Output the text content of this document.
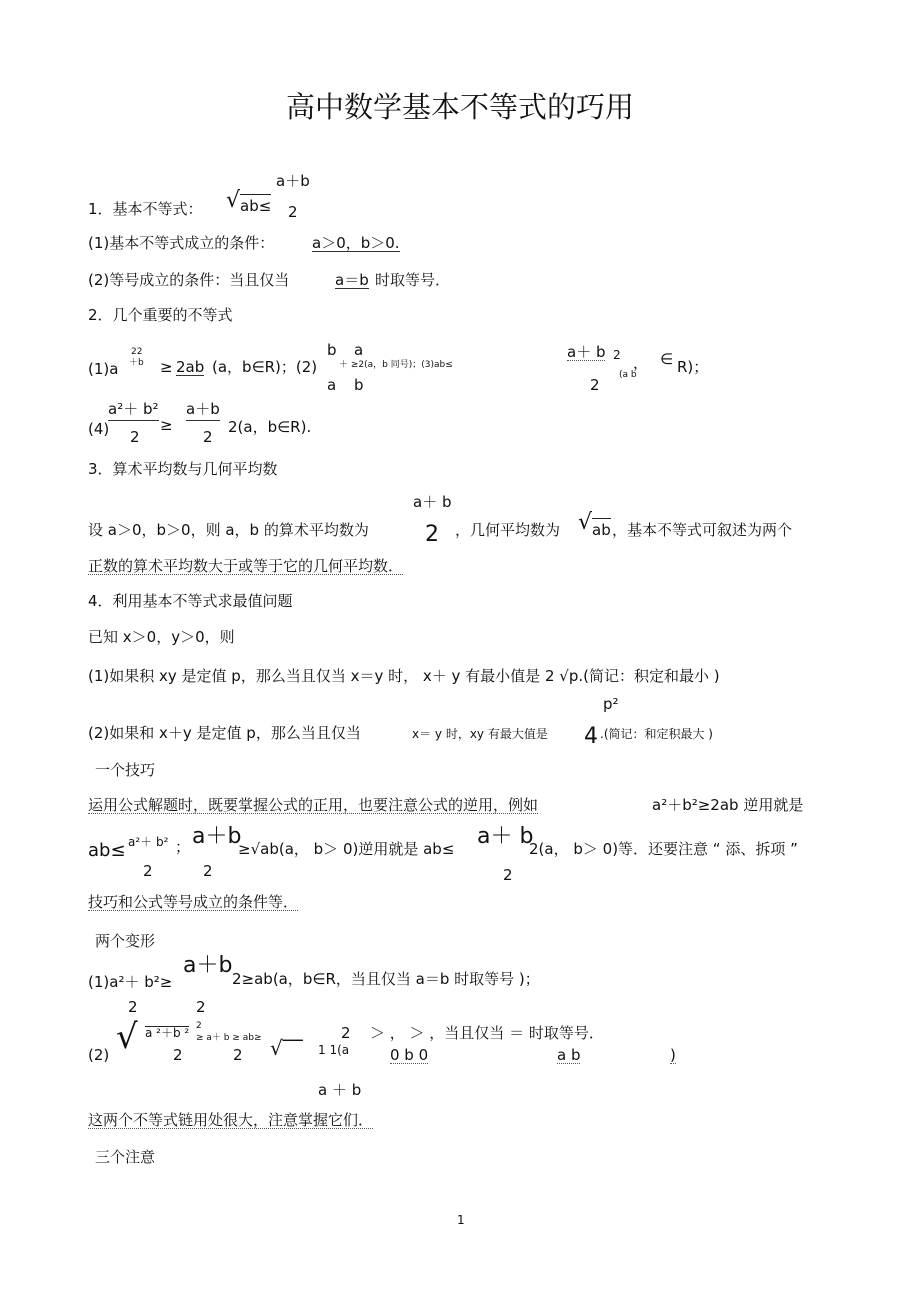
高中数学基本不等式的巧用
1．基本不等式： √ ab≤
a＋b
2
(1)基本不等式成立的条件：	a＞0，b＞0.
(2)等号成立的条件：当且仅当	a＝b 时取等号．
2．几个重要的不等式
(1)a
22
＋b ≥ 2ab (a，b∈R)；(2)
b a
a b
＋ ≥2(a，b 同号)；(3)ab≤
a＋ b
2
2
(a b
， ∈ R)；
(4)
a²＋ b²
2
≥
a＋b
2
2(a，b∈R).
3．算术平均数与几何平均数
设 a＞0，b＞0，则 a，b 的算术平均数为
a＋ b
2 ，几何平均数为 √ ab ，基本不等式可叙述为两个
正数的算术平均数大于或等于它的几何平均数．
4．利用基本不等式求最值问题
已知 x＞0，y＞0，则
(1)如果积 xy 是定值 p，那么当且仅当 x＝y 时， x＋ y 有最小值是 2 √p.(简记：积定和最小 )
(2)如果和 x＋y 是定值 p，那么当且仅当	x＝ y 时，xy 有最大值是
p²
4 .(简记：和定积最大 )
一个技巧
运用公式解题时，既要掌握公式的正用，也要注意公式的逆用，例如	a²＋b²≥2ab 逆用就是
ab≤ a²＋ b²
2
； a＋b
2
≥√ab(a， b＞ 0)逆用就是 ab≤ a＋ b
2
2(a， b＞ 0)等．还要注意 “ 添、拆项 ”
技巧和公式等号成立的条件等．
两个变形
(1)a²＋ b²≥
a＋b
2≥ab(a，b∈R，当且仅当 a＝b 时取等号 )；
2	2
(2) √ a ²＋b ² 2
2
≥ a＋ b ≥ ab≥
2 √‾‾
2
1 1(a
a ＋ b
＞ ， ＞ ，当且仅当 ＝ 时取等号．
0 b 0	a b	)
这两个不等式链用处很大，注意掌握它们．
三个注意
1
